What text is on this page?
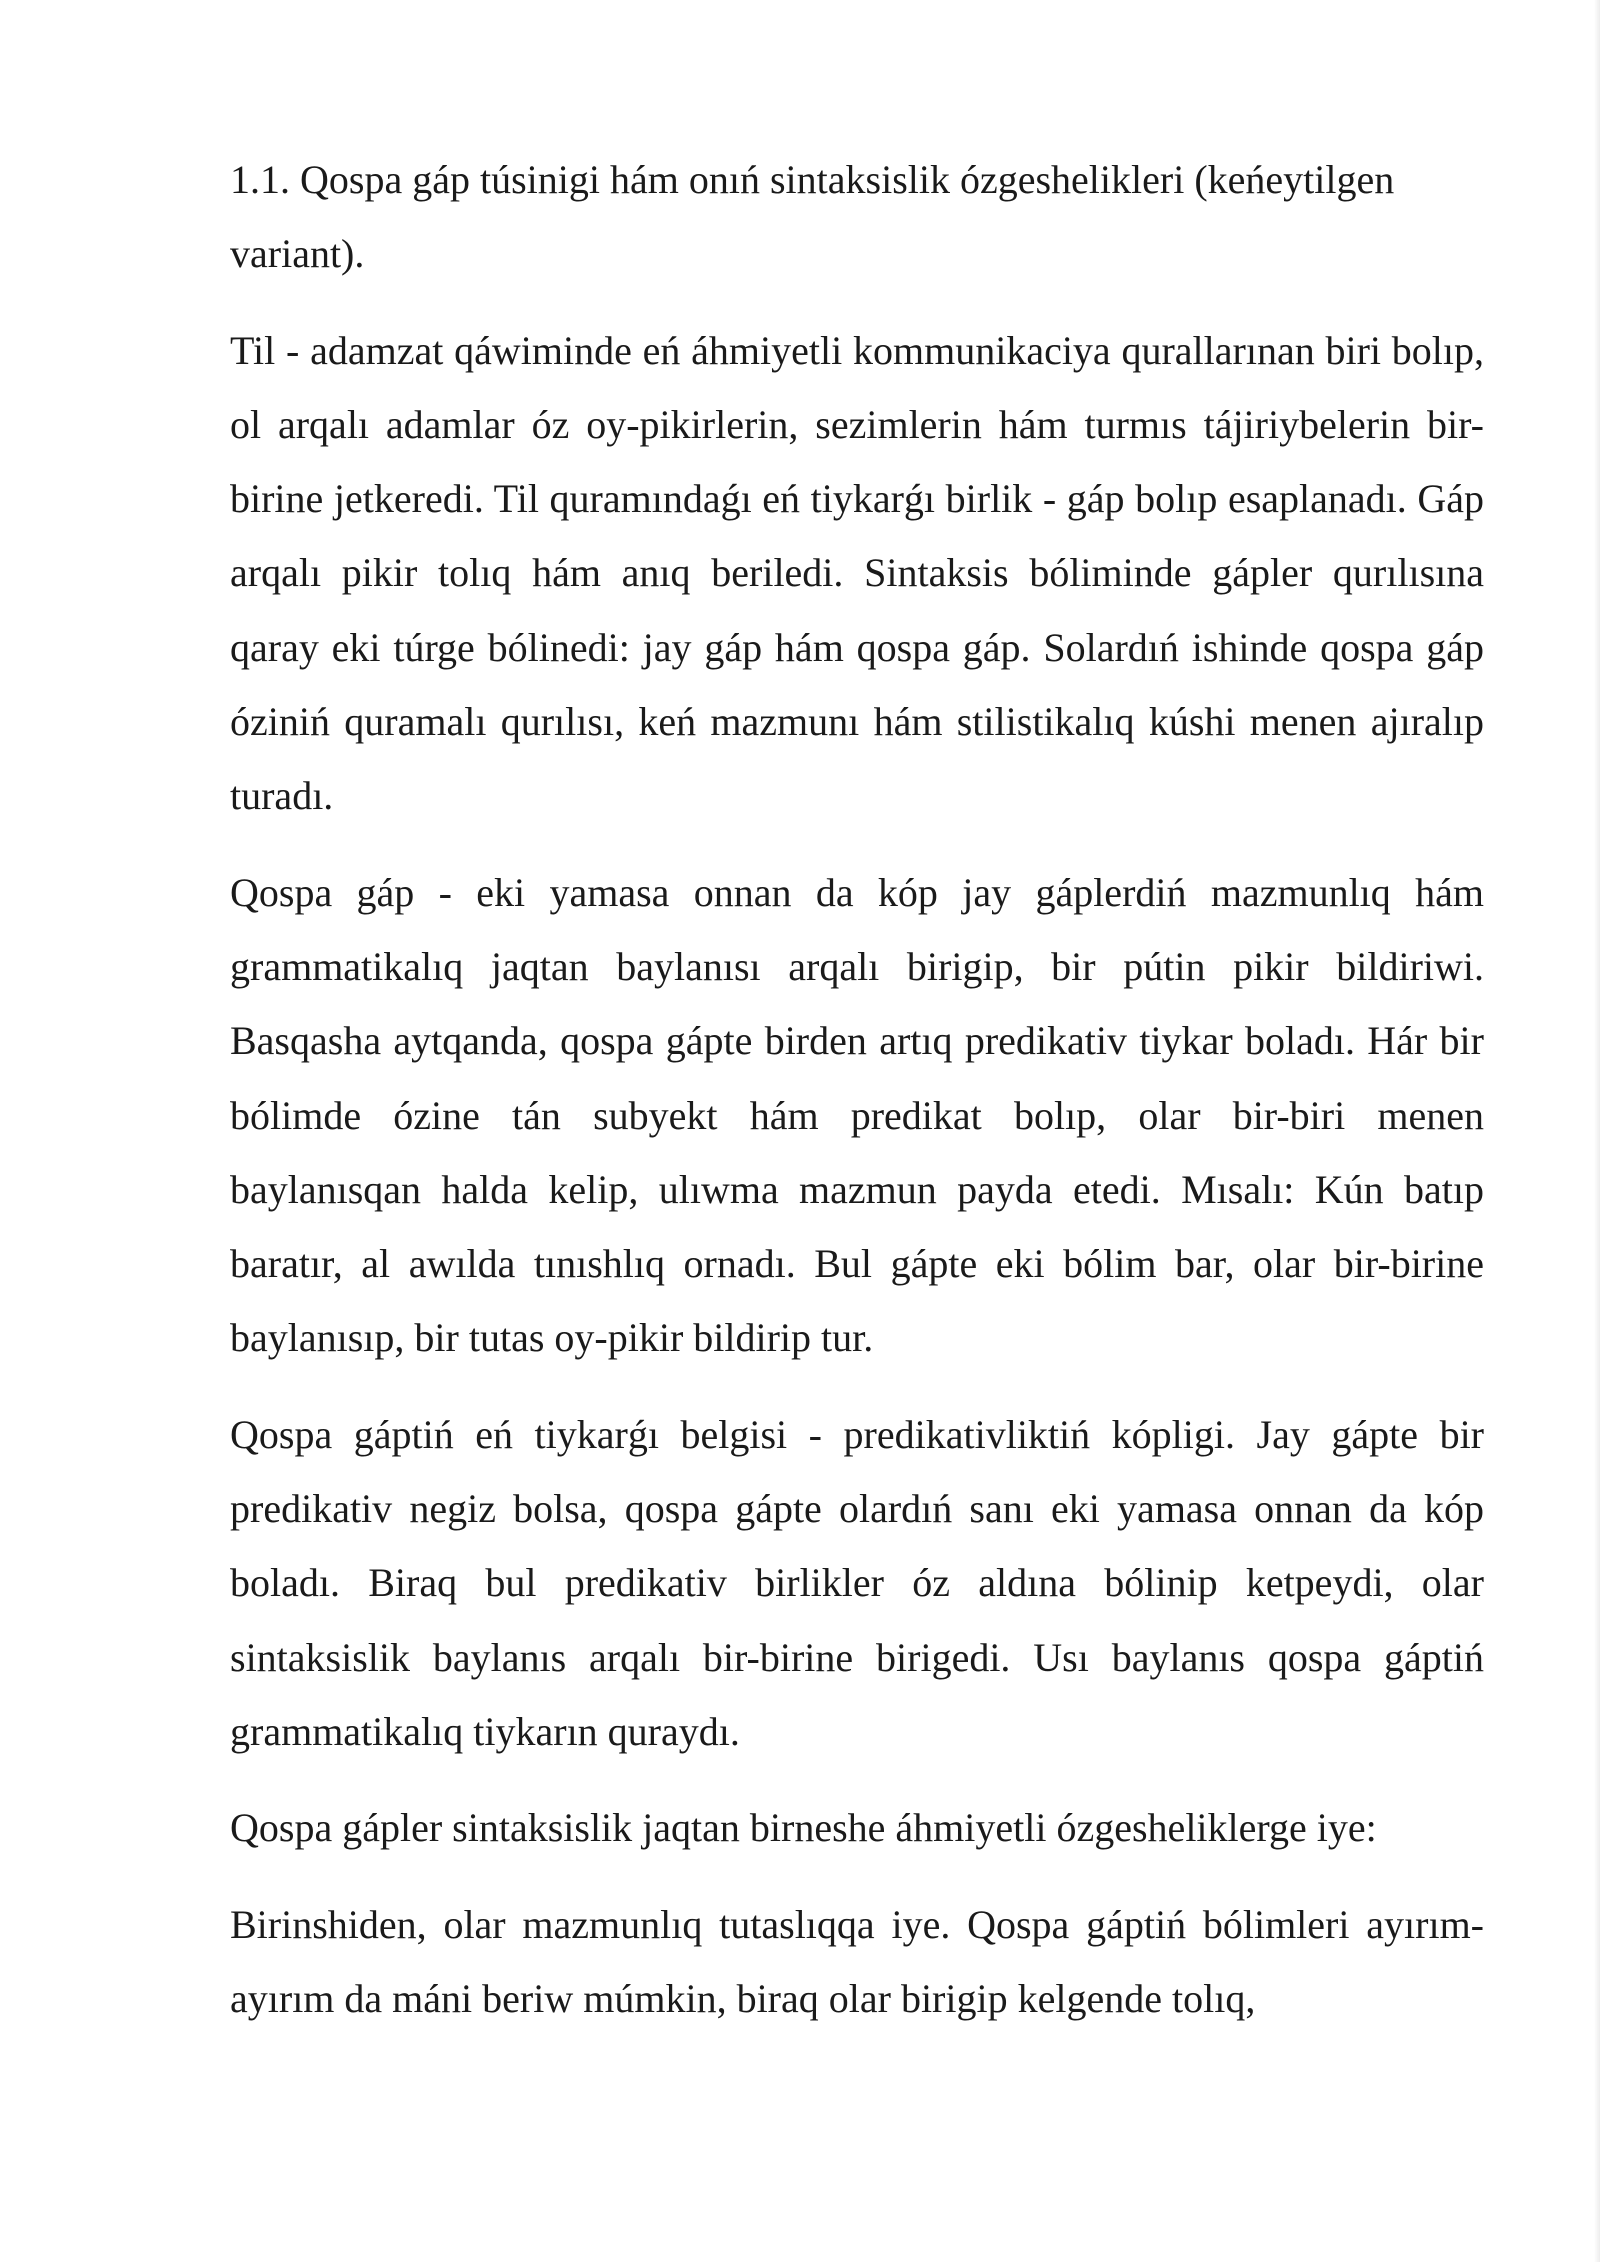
1.1. Qospa gáp túsinigi hám onıń sintaksislik ózgeshelikleri (keńeytilgen variant).

Til - adamzat qáwiminde eń áhmiyetli kommunikaciya qurallarınan biri bolıp, ol arqalı adamlar óz oy-pikirlerin, sezimlerin hám turmıs tájiriybelerin bir-birine jetkeredi. Til quramındaǵı eń tiykarǵı birlik - gáp bolıp esaplanadı. Gáp arqalı pikir tolıq hám anıq beriledi. Sintaksis bóliminde gápler qurılısına qaray eki túrge bólinedi: jay gáp hám qospa gáp. Solardıń ishinde qospa gáp óziniń quramalı qurılısı, keń mazmunı hám stilistikalıq kúshi menen ajıralıp turadı.

Qospa gáp - eki yamasa onnan da kóp jay gáplerdiń mazmunlıq hám grammatikalıq jaqtan baylanısı arqalı birigip, bir pútin pikir bildiriwi. Basqasha aytqanda, qospa gápte birden artıq predikativ tiykar boladı. Hár bir bólimde ózine tán subyekt hám predikat bolıp, olar bir-biri menen baylanısqan halda kelip, ulıwma mazmun payda etedi. Mısalı: Kún batıp baratır, al awılda tınıshlıq ornadı. Bul gápte eki bólim bar, olar bir-birine baylanısıp, bir tutas oy-pikir bildirip tur.

Qospa gáptiń eń tiykarǵı belgisi - predikativliktiń kópligi. Jay gápte bir predikativ negiz bolsa, qospa gápte olardıń sanı eki yamasa onnan da kóp boladı. Biraq bul predikativ birlikler óz aldına bólinip ketpeydi, olar sintaksislik baylanıs arqalı bir-birine birigedi. Usı baylanıs qospa gáptiń grammatikalıq tiykarın quraydı.

Qospa gápler sintaksislik jaqtan birneshe áhmiyetli ózgesheliklerge iye:

Birinshiden, olar mazmunlıq tutaslıqqa iye. Qospa gáptiń bólimleri ayırım-ayırım da máni beriw múmkin, biraq olar birigip kelgende tolıq,
